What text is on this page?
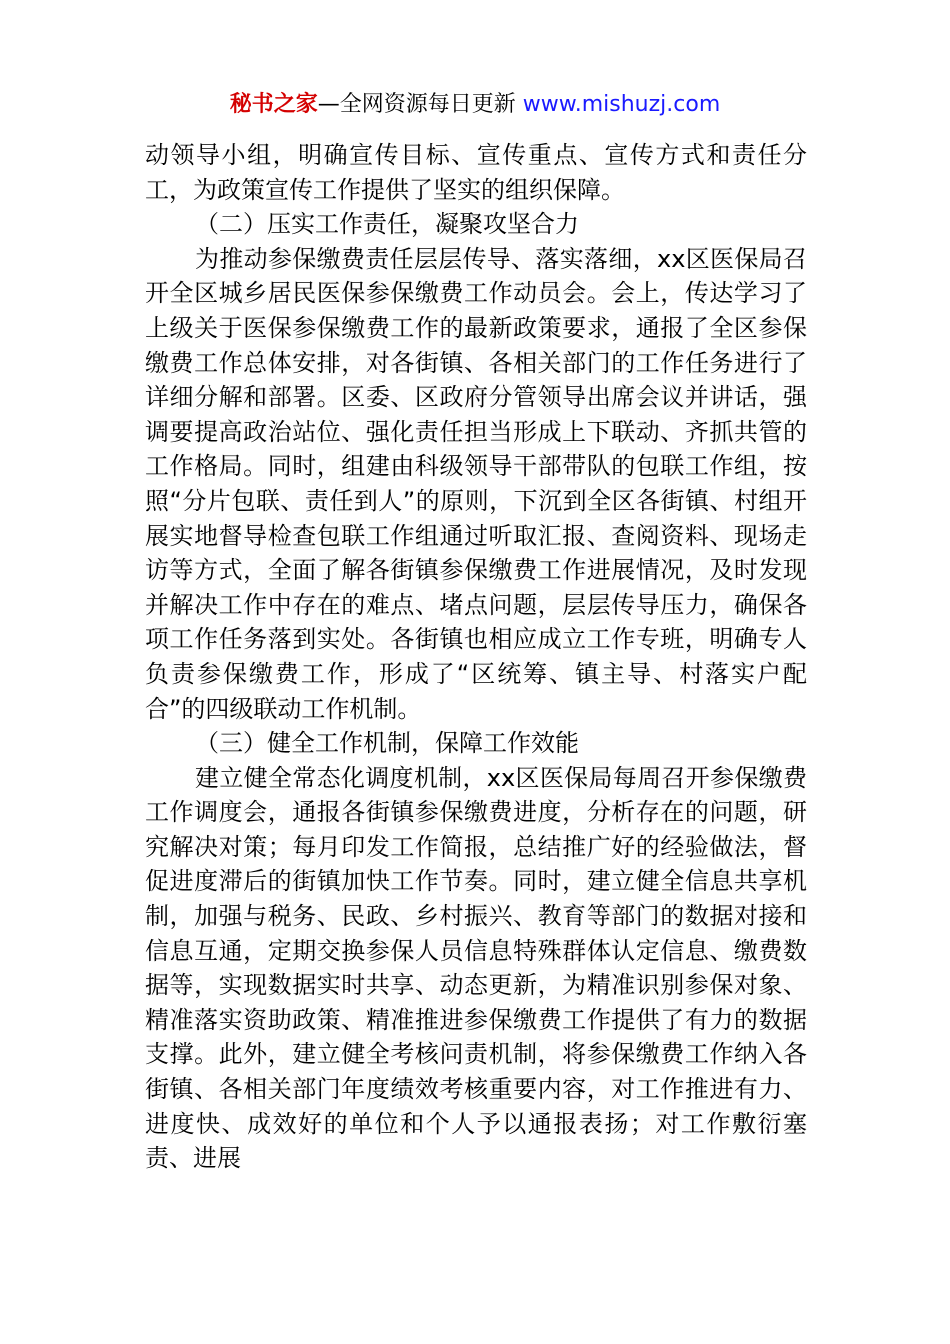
秘书之家—全网资源每日更新 www.mishuzj.com

动领导小组，明确宣传目标、宣传重点、宣传方式和责任分工，为政策宣传工作提供了坚实的组织保障。

（二）压实工作责任，凝聚攻坚合力

为推动参保缴费责任层层传导、落实落细，xx区医保局召开全区城乡居民医保参保缴费工作动员会。会上，传达学习了上级关于医保参保缴费工作的最新政策要求，通报了全区参保缴费工作总体安排，对各街镇、各相关部门的工作任务进行了详细分解和部署。区委、区政府分管领导出席会议并讲话，强调要提高政治站位、强化责任担当形成上下联动、齐抓共管的工作格局。同时，组建由科级领导干部带队的包联工作组，按照“分片包联、责任到人”的原则，下沉到全区各街镇、村组开展实地督导检查包联工作组通过听取汇报、查阅资料、现场走访等方式，全面了解各街镇参保缴费工作进展情况，及时发现并解决工作中存在的难点、堵点问题，层层传导压力，确保各项工作任务落到实处。各街镇也相应成立工作专班，明确专人负责参保缴费工作，形成了“区统筹、镇主导、村落实户配合”的四级联动工作机制。

（三）健全工作机制，保障工作效能

建立健全常态化调度机制，xx区医保局每周召开参保缴费工作调度会，通报各街镇参保缴费进度，分析存在的问题，研究解决对策；每月印发工作简报，总结推广好的经验做法，督促进度滞后的街镇加快工作节奏。同时，建立健全信息共享机制，加强与税务、民政、乡村振兴、教育等部门的数据对接和信息互通，定期交换参保人员信息特殊群体认定信息、缴费数据等，实现数据实时共享、动态更新，为精准识别参保对象、精准落实资助政策、精准推进参保缴费工作提供了有力的数据支撑。此外，建立健全考核问责机制，将参保缴费工作纳入各街镇、各相关部门年度绩效考核重要内容，对工作推进有力、进度快、成效好的单位和个人予以通报表扬；对工作敷衍塞责、进展
